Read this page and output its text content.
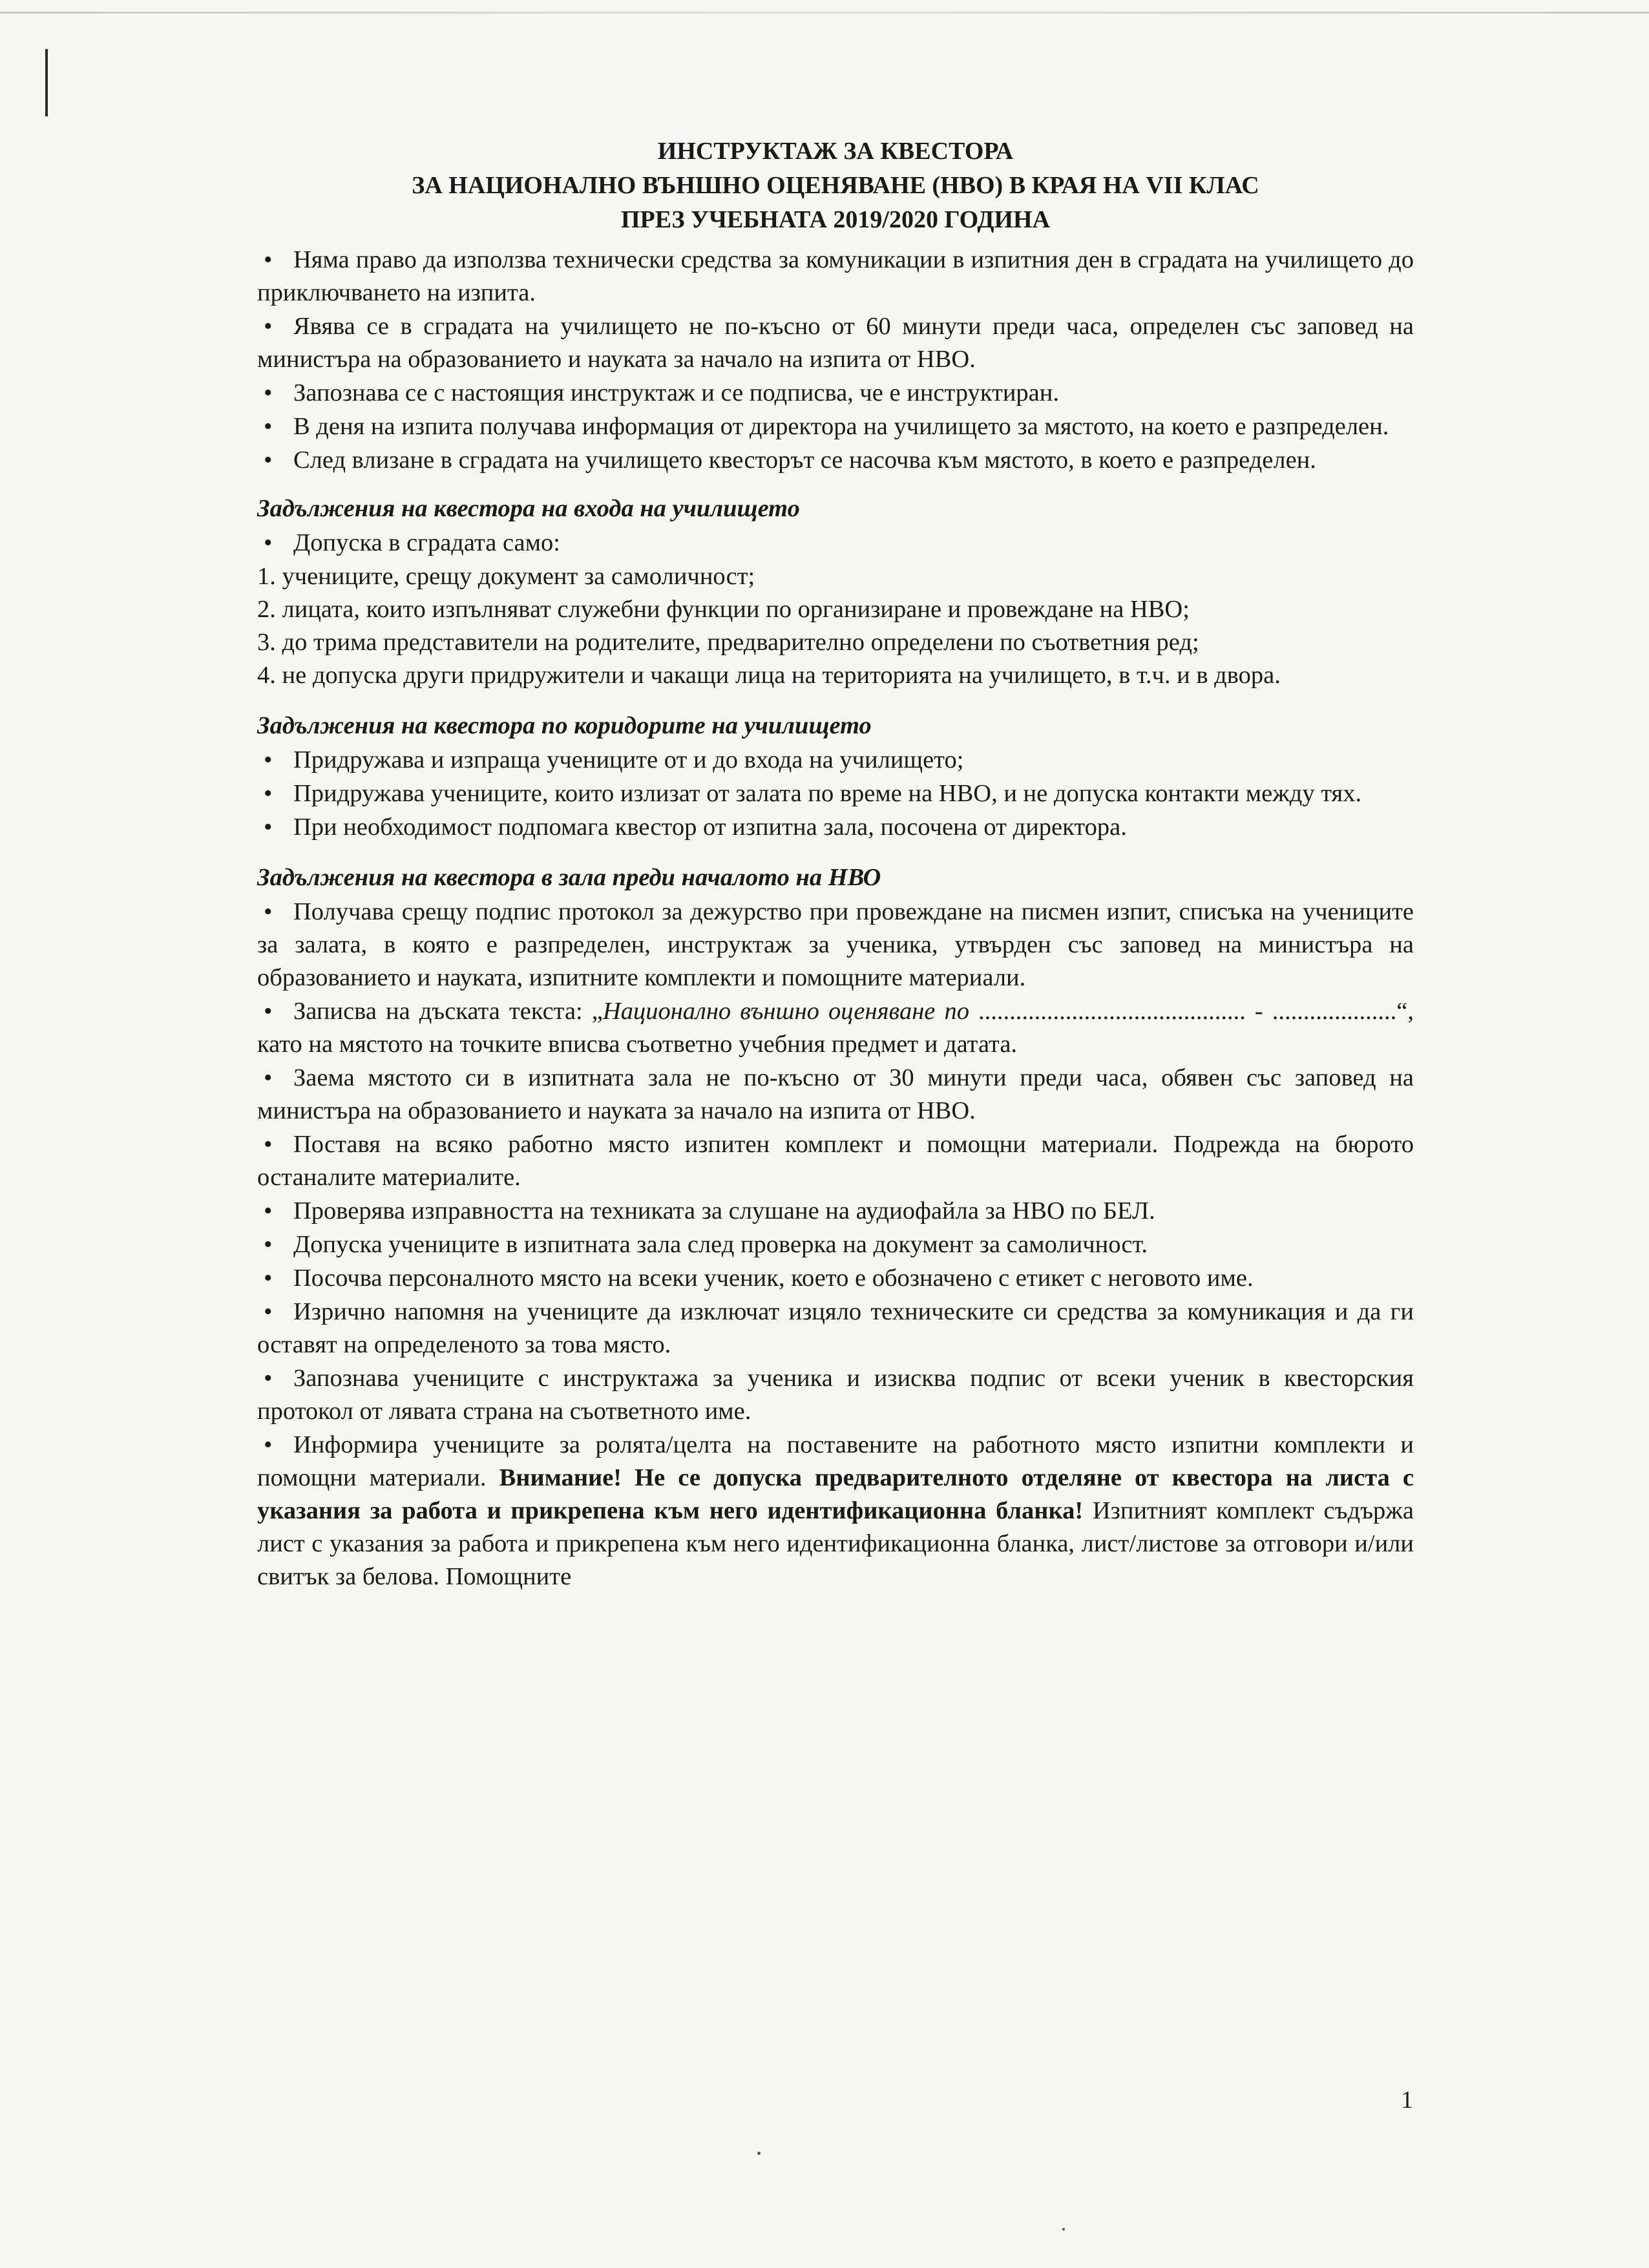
ИНСТРУКТАЖ ЗА КВЕСТОРА
ЗА НАЦИОНАЛНО ВЪНШНО ОЦЕНЯВАНЕ (НВО) В КРАЯ НА VII КЛАС
ПРЕЗ УЧЕБНАТА 2019/2020 ГОДИНА
• Няма право да използва технически средства за комуникации в изпитния ден в сградата на училището до приключването на изпита.
• Явява се в сградата на училището не по-късно от 60 минути преди часа, определен със заповед на министъра на образованието и науката за начало на изпита от НВО.
• Запознава се с настоящия инструктаж и се подписва, че е инструктиран.
• В деня на изпита получава информация от директора на училището за мястото, на което е разпределен.
• След влизане в сградата на училището квесторът се насочва към мястото, в което е разпределен.
Задължения на квестора на входа на училището
• Допуска в сградата само:
1. учениците, срещу документ за самоличност;
2. лицата, които изпълняват служебни функции по организиране и провеждане на НВО;
3. до трима представители на родителите, предварително определени по съответния ред;
4. не допуска други придружители и чакащи лица на територията на училището, в т.ч. и в двора.
Задължения на квестора по коридорите на училището
• Придружава и изпраща учениците от и до входа на училището;
• Придружава учениците, които излизат от залата по време на НВО, и не допуска контакти между тях.
• При необходимост подпомага квестор от изпитна зала, посочена от директора.
Задължения на квестора в зала преди началото на НВО
• Получава срещу подпис протокол за дежурство при провеждане на писмен изпит, списъка на учениците за залата, в която е разпределен, инструктаж за ученика, утвърден със заповед на министъра на образованието и науката, изпитните комплекти и помощните материали.
• Записва на дъската текста: „Национално външно оценяване по ........................................... - ....................“, като на мястото на точките вписва съответно учебния предмет и датата.
• Заема мястото си в изпитната зала не по-късно от 30 минути преди часа, обявен със заповед на министъра на образованието и науката за начало на изпита от НВО.
• Поставя на всяко работно място изпитен комплект и помощни материали. Подрежда на бюрото останалите материалите.
• Проверява изправността на техниката за слушане на аудиофайла за НВО по БЕЛ.
• Допуска учениците в изпитната зала след проверка на документ за самоличност.
• Посочва персоналното място на всеки ученик, което е обозначено с етикет с неговото име.
• Изрично напомня на учениците да изключат изцяло техническите си средства за комуникация и да ги оставят на определеното за това място.
• Запознава учениците с инструктажа за ученика и изисква подпис от всеки ученик в квесторския протокол от лявата страна на съответното име.
• Информира учениците за ролята/целта на поставените на работното място изпитни комплекти и помощни материали. Внимание! Не се допуска предварителното отделяне от квестора на листа с указания за работа и прикрепена към него идентификационна бланка! Изпитният комплект съдържа лист с указания за работа и прикрепена към него идентификационна бланка, лист/листове за отговори и/или свитък за белова. Помощните
1
